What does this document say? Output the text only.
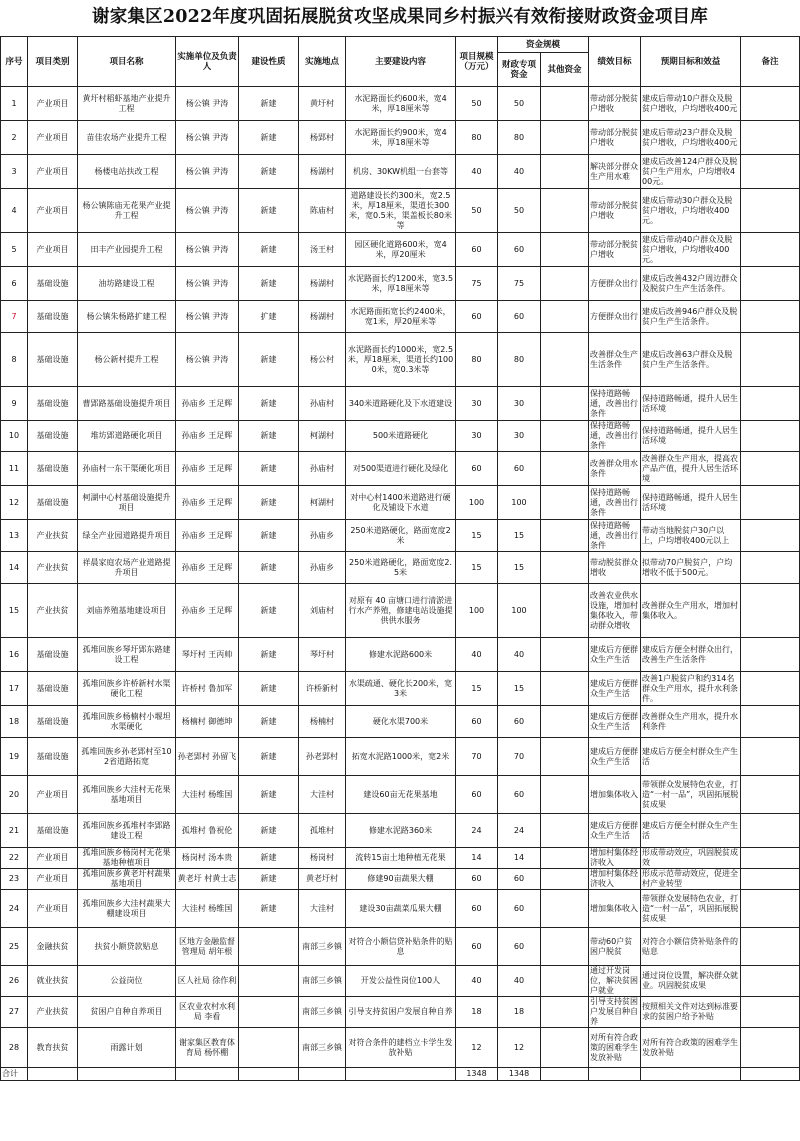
谢家集区2022年度巩固拓展脱贫攻坚成果同乡村振兴有效衔接财政资金项目库
序号	项目类别	项目名称	实施单位及负责人	建设性质	实施地点	主要建设内容	项目规模（万元）	资金规模		绩效目标	预期目标和效益	备注
								财政专项资金	其他资金			
1	产业项目	黄圩村稻虾基地产业提升工程	杨公镇 尹涛	新建	黄圩村	水泥路面长约600米，宽4米，厚18厘米等	50	50		带动部分脱贫户增收	建成后带动10户群众及脱贫户增收，户均增收400元	
2	产业项目	苗佳农场产业提升工程	杨公镇 尹涛	新建	杨郢村	水泥路面长约900米，宽4米，厚18厘米等	80	80		带动部分脱贫户增收	建成后带动23户群众及脱贫户增收，户均增收400元	
3	产业项目	杨楼电站扶改工程	杨公镇 尹涛	新建	杨湖村	机房、30KW机组一台套等	40	40		解决部分群众生产用水难	建成后改善124户群众及脱贫户生产用水，户均增收400元。	
4	产业项目	杨公镇陈庙无花果产业提升工程	杨公镇 尹涛	新建	陈庙村	道路建设长约300米，宽2.5米，厚18厘米，渠道长300米，宽0.5米，渠盖板长80米等	50	50		带动部分脱贫户增收	建成后带动30户群众及脱贫户增收，户均增收400元。	
5	产业项目	田丰产业园提升工程	杨公镇 尹涛	新建	汤王村	园区硬化道路600米，宽4米，厚20厘米	60	60		带动部分脱贫户增收	建成后带动40户群众及脱贫户增收，户均增收400元。	
6	基础设施	油坊路建设工程	杨公镇 尹涛	新建	杨湖村	水泥路面长约1200米，宽3.5米，厚18厘米等	75	75		方便群众出行	建成后改善432户周边群众及脱贫户生产生活条件。	
7	基础设施	杨公镇朱杨路扩建工程	杨公镇 尹涛	扩建	杨湖村	水泥路面拓宽长约2400米，宽1米，厚20厘米等	60	60		方便群众出行	建成后改善946户群众及脱贫户生产生活条件。	
8	基础设施	杨公新村提升工程	杨公镇 尹涛	新建	杨公村	水泥路面长约1000米，宽2.5米，厚18厘米，渠道长约1000米，宽0.3米等	80	80		改善群众生产生活条件	建成后改善63户群众及脱贫户生产生活条件。	
9	基础设施	曹郢路基础设施提升项目	孙庙乡 王足辉	新建	孙庙村	340米道路硬化及下水道建设	30	30		保持道路畅通，改善出行条件	保持道路畅通，提升人居生活环境	
10	基础设施	堆坊郢道路硬化项目	孙庙乡 王足辉	新建	柯湖村	500米道路硬化	30	30		保持道路畅通，改善出行条件	保持道路畅通，提升人居生活环境	
11	基础设施	孙庙村一东干渠硬化项目	孙庙乡 王足辉	新建	孙庙村	对500渠道进行硬化及绿化	60	60		改善群众用水条件	改善群众生产用水，提高农产品产值，提升人居生活环境	
12	基础设施	柯湖中心村基础设施提升项目	孙庙乡 王足辉	新建	柯湖村	对中心村1400米道路进行硬化及铺设下水道	100	100		保持道路畅通，改善出行条件	保持道路畅通，提升人居生活环境	
13	产业扶贫	绿全产业园道路提升项目	孙庙乡 王足辉	新建	孙庙乡	250米道路硬化，路面宽度2米	15	15		保持道路畅通，改善出行条件	带动当地脱贫户30户以上，户均增收400元以上	
14	产业扶贫	祥晨家庭农场产业道路提升项目	孙庙乡 王足辉	新建	孙庙乡	250米道路硬化，路面宽度2.5米	15	15		带动脱贫群众增收	拟带动70户脱贫户，户均增收不低于500元。	
15	产业扶贫	刘庙养殖基地建设项目	孙庙乡 王足辉	新建	刘庙村	对原有 40 亩塘口进行清淤进行水产养殖，修建电站设施提供供水服务	100	100		改善农业供水设施，增加村集体收入，带动群众增收	改善群众生产用水，增加村集体收入。	
16	基础设施	孤堆回族乡琴圩郢东路建设工程	琴圩村 王丙帅	新建	琴圩村	修建水泥路600米	40	40		建成后方便群众生产生活	建成后方便全村群众出行，改善生产生活条件	
17	基础设施	孤堆回族乡许桥新村水渠硬化工程	许桥村 鲁加军	新建	许桥新村	水渠疏通、硬化长200米，宽3米	15	15		建成后方便群众生产生活	改善1户脱贫户和约314名群众生产用水，提升水利条件。	
18	基础设施	孤堆回族乡杨楠村小堰坦水渠硬化	杨楠村 御德坤	新建	杨楠村	硬化水渠700米	60	60		建成后方便群众生产生活	改善群众生产用水，提升水利条件	
19	基础设施	孤堆回族乡孙老郢村至102省道路拓宽	孙老郢村 孙留飞	新建	孙老郢村	拓宽水泥路1000米，宽2米	70	70		建成后方便群众生产生活	建成后方便全村群众生产生活	
20	产业项目	孤堆回族乡大洼村无花果基地项目	大洼村 杨维国	新建	大洼村	建设60亩无花果基地	60	60		增加集体收入	带领群众发展特色农业，打造“一村一品”，巩固拓展脱贫成果	
21	基础设施	孤堆回族乡孤堆村李郢路建设工程	孤堆村 鲁祝伦	新建	孤堆村	修建水泥路360米	24	24		建成后方便群众生产生活	建成后方便全村群众生产生活	
22	产业项目	孤堆回族乡杨岗村无花果基地种植项目	杨岗村 汤本贵	新建	杨岗村	流转15亩土地种植无花果	14	14		增加村集体经济收入	形成带动效应，巩固脱贫成效	
23	产业项目	孤堆回族乡黄老圩村蔬果基地项目	黄老圩 村黄士志	新建	黄老圩村	修建90亩蔬果大棚	60	60		增加村集体经济收入	形成示范带动效应，促进全村产业转型	
24	产业项目	孤堆回族乡大洼村蔬果大棚建设项目	大洼村 杨维国	新建	大洼村	建设30亩蔬菜瓜果大棚	60	60		增加集体收入	带领群众发展特色农业，打造“一村一品”，巩固拓展脱贫成果	
25	金融扶贫	扶贫小额贷款贴息	区地方金融监督管理局 胡年根		南部三乡镇	对符合小额信贷补贴条件的贴息	60	60		带动60户贫困户脱贫	对符合小额信贷补贴条件的贴息	
26	就业扶贫	公益岗位	区人社局 徐作利		南部三乡镇	开发公益性岗位100人	40	40		通过开发岗位，解决贫困户就业	通过岗位设置，解决群众就业。巩固脱贫成果	
27	产业扶贫	贫困户自种自养项目	区农业农村水利局 李看		南部三乡镇	引导支持贫困户发展自种自养	18	18		引导支持贫困户发展自种自养	按照相关文件对达到标准要求的贫困户给予补贴	
28	教育扶贫	雨露计划	谢家集区教育体育局 杨怀棚		南部三乡镇	对符合条件的建档立卡学生发放补贴	12	12		对所有符合政策的困难学生发放补贴	对所有符合政策的困难学生发放补贴	
合计							1348	1348				
